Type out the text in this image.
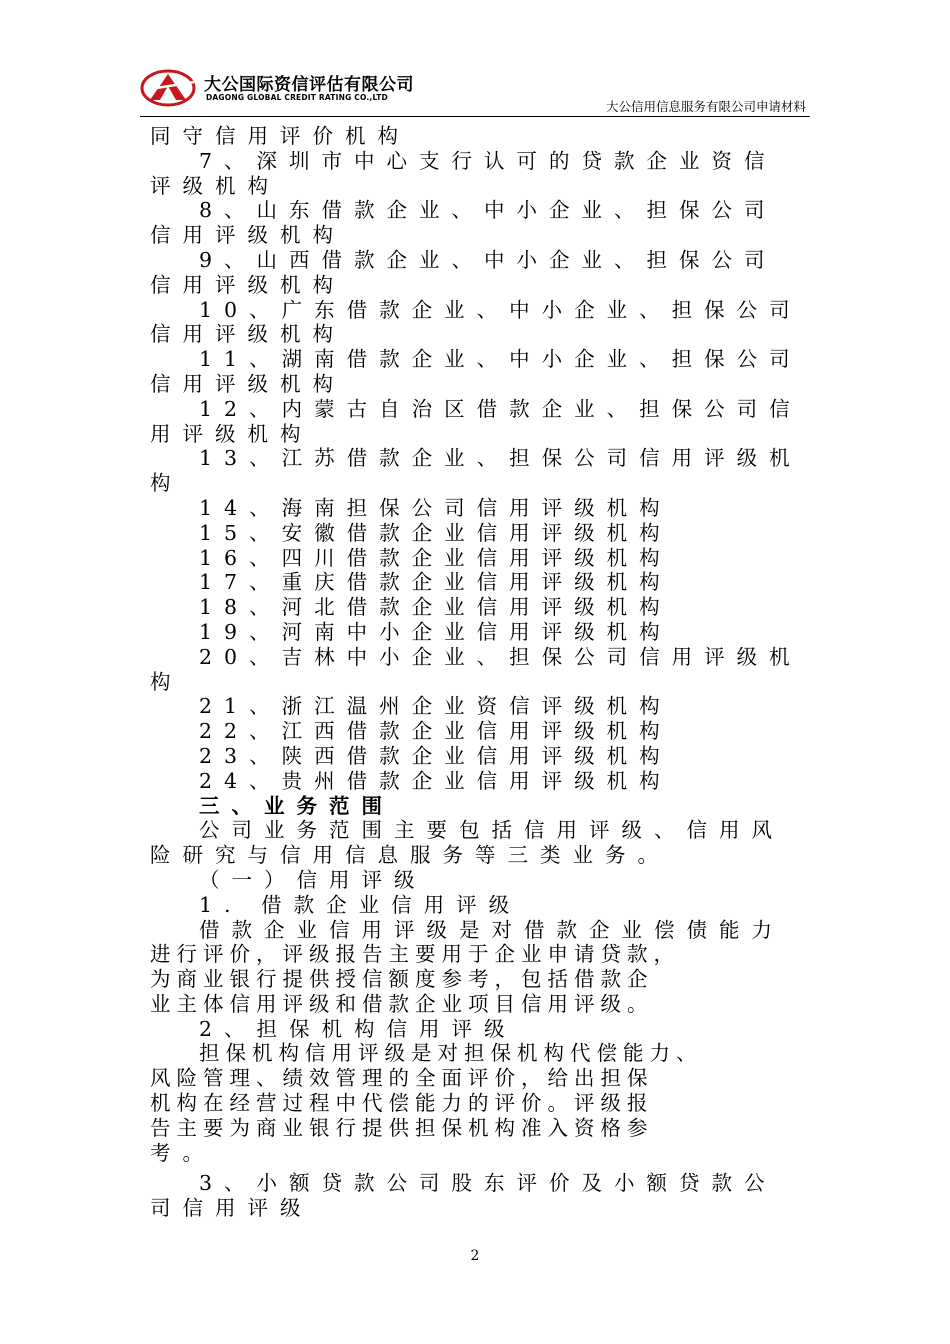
大公国际资信评估有限公司
DAGONG GLOBAL CREDIT RATING CO.,LTD
大公信用信息服务有限公司申请材料
同守信用评价机构
7、深圳市中心支行认可的贷款企业资信
评级机构
8、山东借款企业、中小企业、担保公司
信用评级机构
9、山西借款企业、中小企业、担保公司
信用评级机构
10、广东借款企业、中小企业、担保公司
信用评级机构
11、湖南借款企业、中小企业、担保公司
信用评级机构
12、内蒙古自治区借款企业、担保公司信
用评级机构
13、江苏借款企业、担保公司信用评级机
构
14、海南担保公司信用评级机构
15、安徽借款企业信用评级机构
16、四川借款企业信用评级机构
17、重庆借款企业信用评级机构
18、河北借款企业信用评级机构
19、河南中小企业信用评级机构
20、吉林中小企业、担保公司信用评级机
构
21、浙江温州企业资信评级机构
22、江西借款企业信用评级机构
23、陕西借款企业信用评级机构
24、贵州借款企业信用评级机构
三、业务范围
公司业务范围主要包括信用评级、信用风
险研究与信用信息服务等三类业务。
（一）信用评级
1. 借款企业信用评级
借款企业信用评级是对借款企业偿债能力
进行评价，评级报告主要用于企业申请贷款，
为商业银行提供授信额度参考，包括借款企
业主体信用评级和借款企业项目信用评级。
2、担保机构信用评级
担保机构信用评级是对担保机构代偿能力、
风险管理、绩效管理的全面评价，给出担保
机构在经营过程中代偿能力的评价。评级报
告主要为商业银行提供担保机构准入资格参
考。
3、小额贷款公司股东评价及小额贷款公
司信用评级
2
